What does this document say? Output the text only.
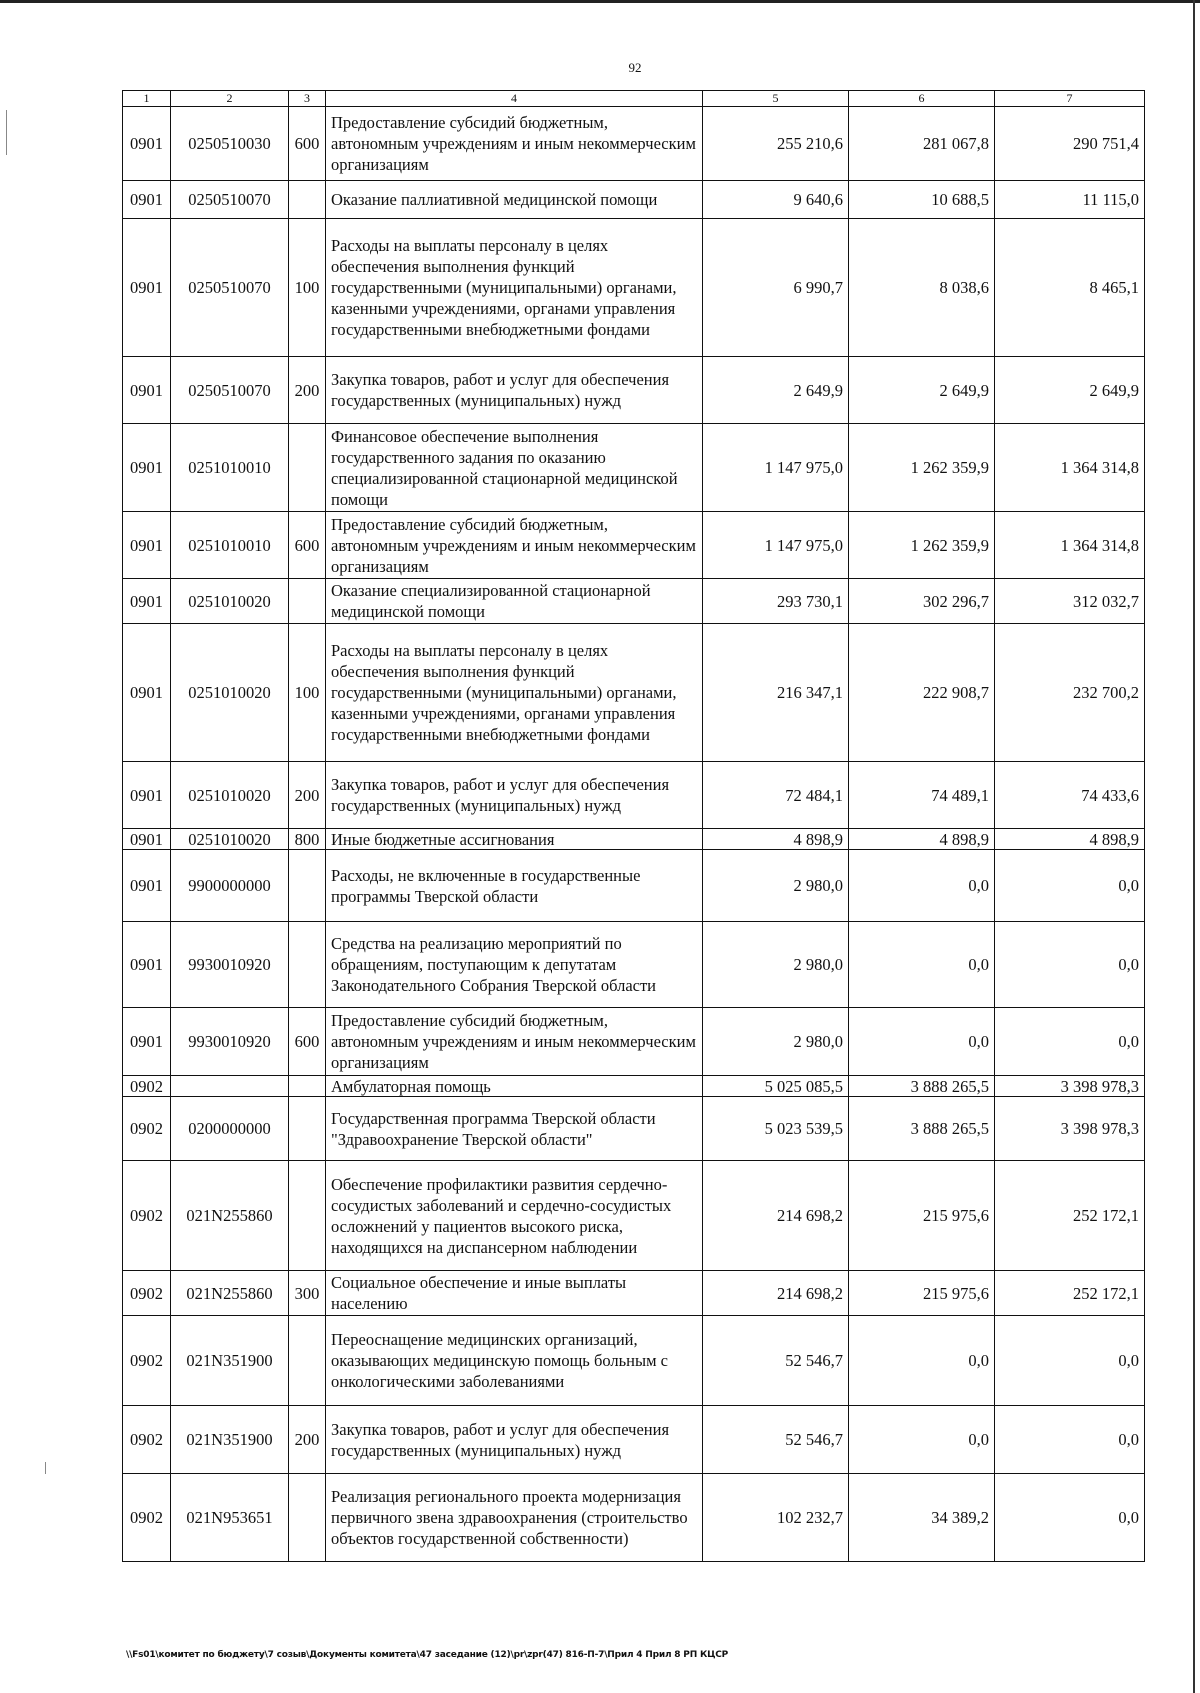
92
1	2	3	4	5	6	7
0901	0250510030	600	Предоставление субсидий бюджетным, автономным учреждениям и иным некоммерческим организациям	255 210,6	281 067,8	290 751,4
0901	0250510070		Оказание паллиативной медицинской помощи	9 640,6	10 688,5	11 115,0
0901	0250510070	100	Расходы на выплаты персоналу в целях обеспечения выполнения функций государственными (муниципальными) органами, казенными учреждениями, органами управления государственными внебюджетными фондами	6 990,7	8 038,6	8 465,1
0901	0250510070	200	Закупка товаров, работ и услуг для обеспечения государственных (муниципальных) нужд	2 649,9	2 649,9	2 649,9
0901	0251010010		Финансовое обеспечение выполнения государственного задания по оказанию специализированной стационарной медицинской помощи	1 147 975,0	1 262 359,9	1 364 314,8
0901	0251010010	600	Предоставление субсидий бюджетным, автономным учреждениям и иным некоммерческим организациям	1 147 975,0	1 262 359,9	1 364 314,8
0901	0251010020		Оказание специализированной стационарной медицинской помощи	293 730,1	302 296,7	312 032,7
0901	0251010020	100	Расходы на выплаты персоналу в целях обеспечения выполнения функций государственными (муниципальными) органами, казенными учреждениями, органами управления государственными внебюджетными фондами	216 347,1	222 908,7	232 700,2
0901	0251010020	200	Закупка товаров, работ и услуг для обеспечения государственных (муниципальных) нужд	72 484,1	74 489,1	74 433,6
0901	0251010020	800	Иные бюджетные ассигнования	4 898,9	4 898,9	4 898,9
0901	9900000000		Расходы, не включенные в государственные программы Тверской области	2 980,0	0,0	0,0
0901	9930010920		Средства на реализацию мероприятий по обращениям, поступающим к депутатам Законодательного Собрания Тверской области	2 980,0	0,0	0,0
0901	9930010920	600	Предоставление субсидий бюджетным, автономным учреждениям и иным некоммерческим организациям	2 980,0	0,0	0,0
0902			Амбулаторная помощь	5 025 085,5	3 888 265,5	3 398 978,3
0902	0200000000		Государственная программа Тверской области "Здравоохранение Тверской области"	5 023 539,5	3 888 265,5	3 398 978,3
0902	021N255860		Обеспечение профилактики развития сердечно-сосудистых заболеваний и сердечно-сосудистых осложнений у пациентов высокого риска, находящихся на диспансерном наблюдении	214 698,2	215 975,6	252 172,1
0902	021N255860	300	Социальное обеспечение и иные выплаты населению	214 698,2	215 975,6	252 172,1
0902	021N351900		Переоснащение медицинских организаций, оказывающих медицинскую помощь больным с онкологическими заболеваниями	52 546,7	0,0	0,0
0902	021N351900	200	Закупка товаров, работ и услуг для обеспечения государственных (муниципальных) нужд	52 546,7	0,0	0,0
0902	021N953651		Реализация регионального проекта модернизация первичного звена здравоохранения (строительство объектов государственной собственности)	102 232,7	34 389,2	0,0
\\Fs01\комитет по бюджету\7 созыв\Документы комитета\47 заседание (12)\pr\zpr(47) 816-П-7\Прил 4 Прил 8 РП КЦСР
